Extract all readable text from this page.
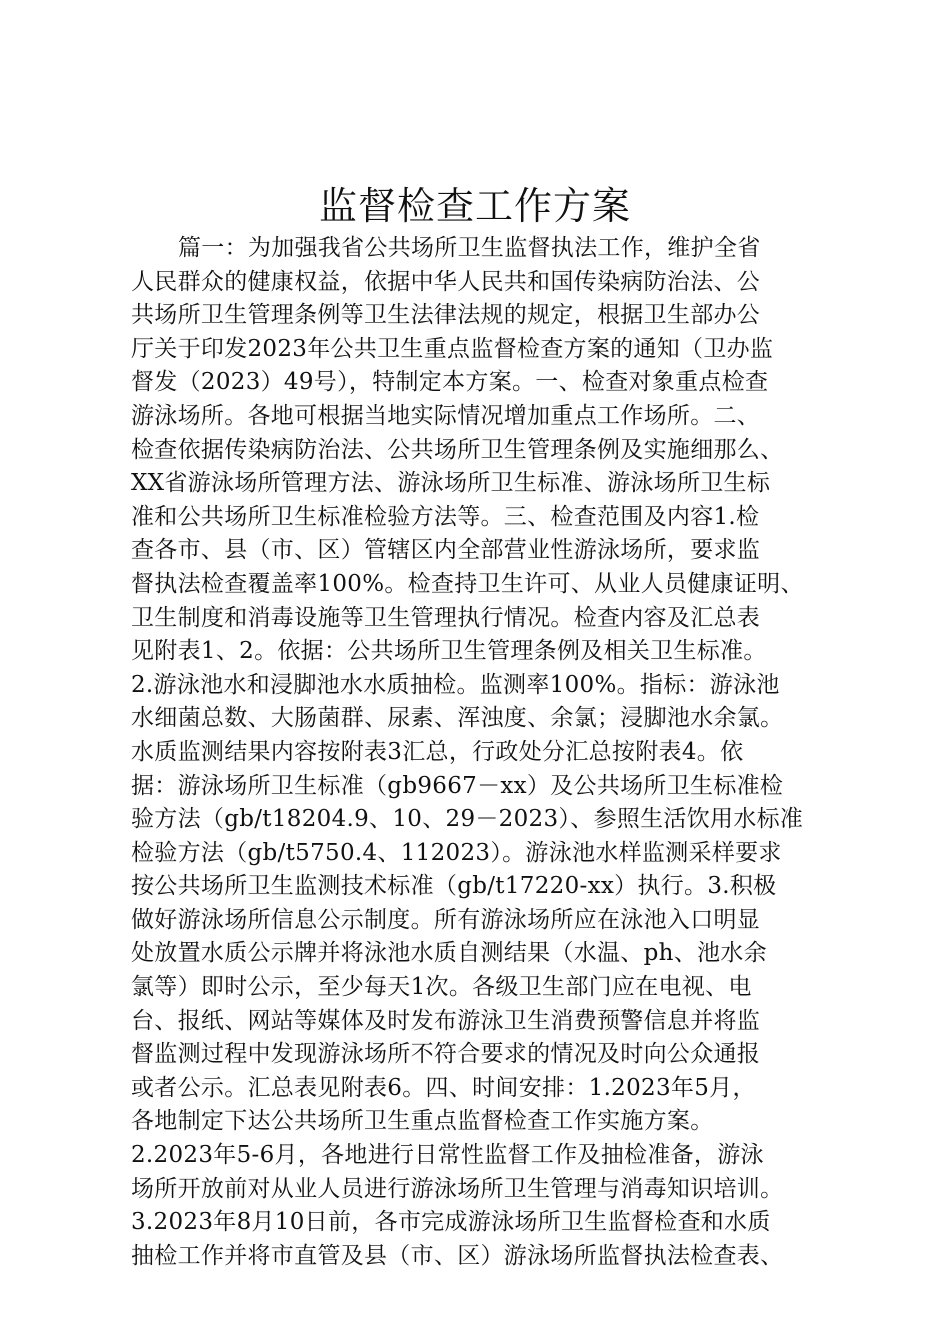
监督检查工作方案
篇一：为加强我省公共场所卫生监督执法工作，维护全省
人民群众的健康权益，依据中华人民共和国传染病防治法、公
共场所卫生管理条例等卫生法律法规的规定，根据卫生部办公
厅关于印发2023年公共卫生重点监督检查方案的通知（卫办监
督发（2023）49号），特制定本方案。一、检查对象重点检查
游泳场所。各地可根据当地实际情况增加重点工作场所。二、
检查依据传染病防治法、公共场所卫生管理条例及实施细那么、
XX省游泳场所管理方法、游泳场所卫生标准、游泳场所卫生标
准和公共场所卫生标准检验方法等。三、检查范围及内容1.检
查各市、县（市、区）管辖区内全部营业性游泳场所，要求监
督执法检查覆盖率100%。检查持卫生许可、从业人员健康证明、
卫生制度和消毒设施等卫生管理执行情况。检查内容及汇总表
见附表1、2。依据：公共场所卫生管理条例及相关卫生标准。
2.游泳池水和浸脚池水水质抽检。监测率100%。指标：游泳池
水细菌总数、大肠菌群、尿素、浑浊度、余氯；浸脚池水余氯。
水质监测结果内容按附表3汇总，行政处分汇总按附表4。依
据：游泳场所卫生标准（gb9667－xx）及公共场所卫生标准检
验方法（gb/t18204.9、10、29－2023）、参照生活饮用水标准
检验方法（gb/t5750.4、112023）。游泳池水样监测采样要求
按公共场所卫生监测技术标准（gb/t17220-xx）执行。3.积极
做好游泳场所信息公示制度。所有游泳场所应在泳池入口明显
处放置水质公示牌并将泳池水质自测结果（水温、ph、池水余
氯等）即时公示，至少每天1次。各级卫生部门应在电视、电
台、报纸、网站等媒体及时发布游泳卫生消费预警信息并将监
督监测过程中发现游泳场所不符合要求的情况及时向公众通报
或者公示。汇总表见附表6。四、时间安排：1.2023年5月，
各地制定下达公共场所卫生重点监督检查工作实施方案。
2.2023年5-6月，各地进行日常性监督工作及抽检准备，游泳
场所开放前对从业人员进行游泳场所卫生管理与消毒知识培训。
3.2023年8月10日前，各市完成游泳场所卫生监督检查和水质
抽检工作并将市直管及县（市、区）游泳场所监督执法检查表、
